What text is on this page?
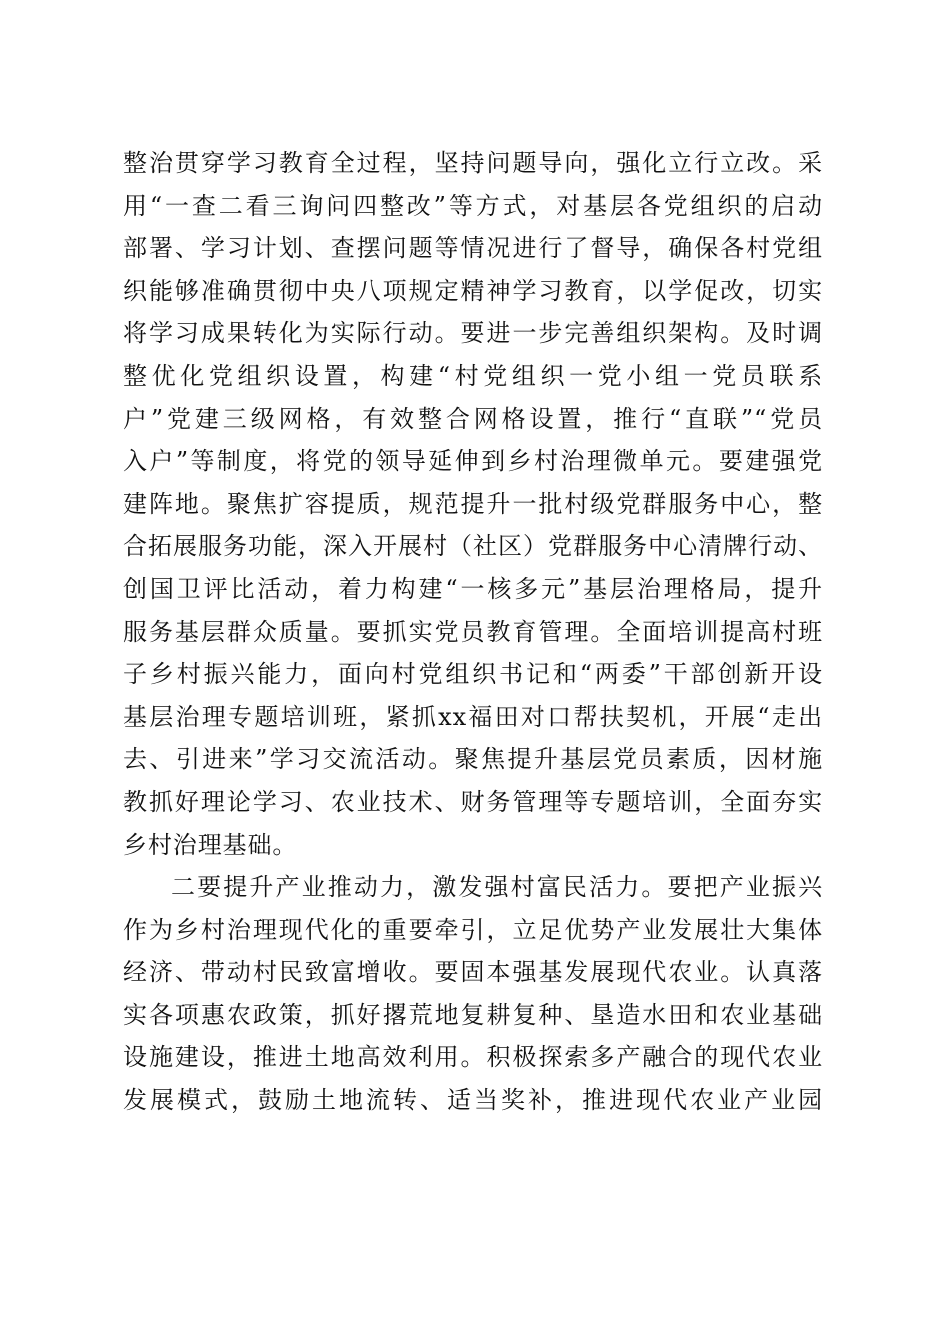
整治贯穿学习教育全过程，坚持问题导向，强化立行立改。采
用“一查二看三询问四整改”等方式，对基层各党组织的启动
部署、学习计划、查摆问题等情况进行了督导，确保各村党组
织能够准确贯彻中央八项规定精神学习教育，以学促改，切实
将学习成果转化为实际行动。要进一步完善组织架构。及时调
整优化党组织设置，构建“村党组织一党小组一党员联系
户”党建三级网格，有效整合网格设置，推行“直联”“党员
入户”等制度，将党的领导延伸到乡村治理微单元。要建强党
建阵地。聚焦扩容提质，规范提升一批村级党群服务中心，整
合拓展服务功能，深入开展村（社区）党群服务中心清牌行动、
创国卫评比活动，着力构建“一核多元”基层治理格局，提升
服务基层群众质量。要抓实党员教育管理。全面培训提高村班
子乡村振兴能力，面向村党组织书记和“两委”干部创新开设
基层治理专题培训班，紧抓xx福田对口帮扶契机，开展“走出
去、引进来”学习交流活动。聚焦提升基层党员素质，因材施
教抓好理论学习、农业技术、财务管理等专题培训，全面夯实
乡村治理基础。
二要提升产业推动力，激发强村富民活力。要把产业振兴
作为乡村治理现代化的重要牵引，立足优势产业发展壮大集体
经济、带动村民致富增收。要固本强基发展现代农业。认真落
实各项惠农政策，抓好撂荒地复耕复种、垦造水田和农业基础
设施建设，推进土地高效利用。积极探索多产融合的现代农业
发展模式，鼓励土地流转、适当奖补，推进现代农业产业园
